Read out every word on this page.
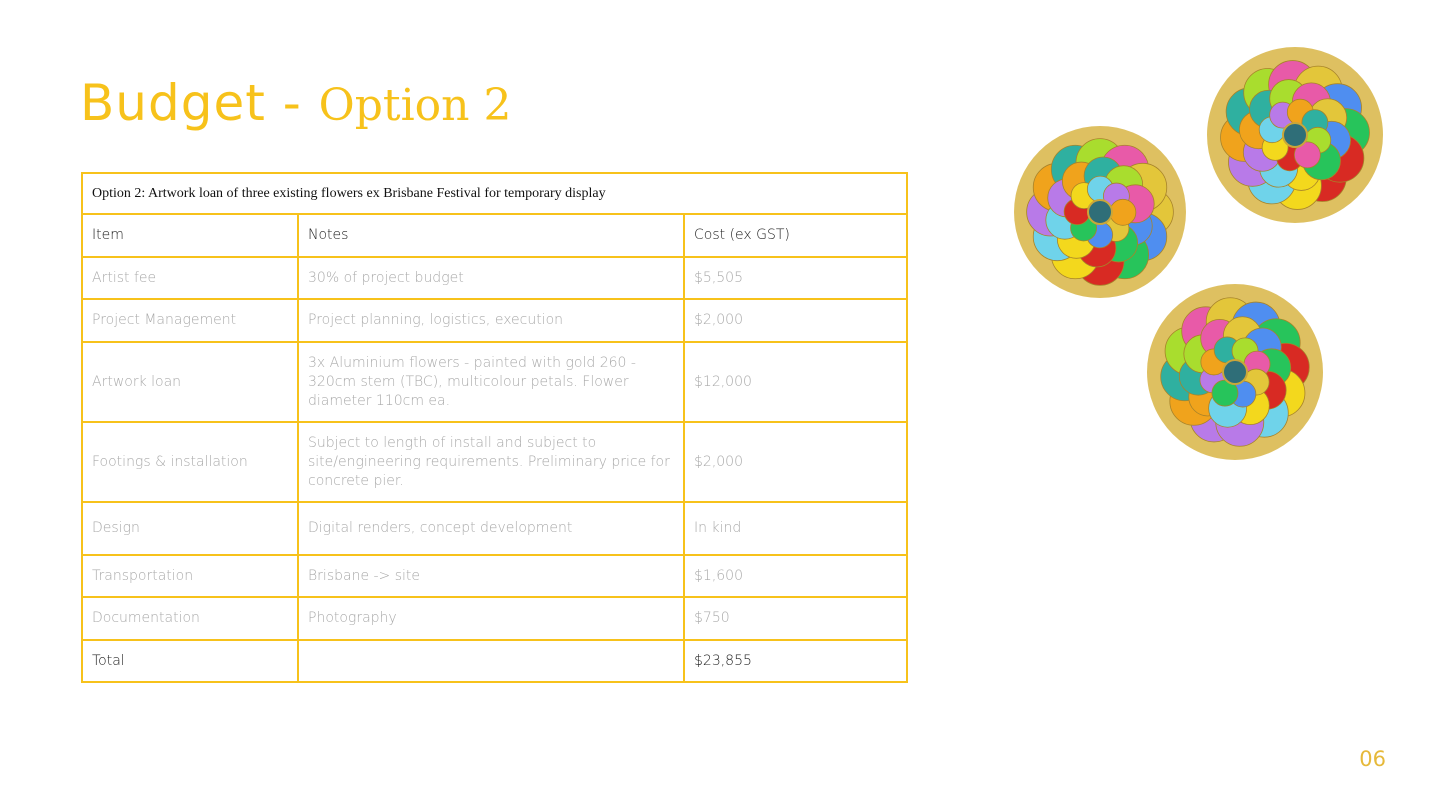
Budget - Option 2
Option 2: Artwork loan of three existing flowers ex Brisbane Festival for temporary display		
Item	Notes	Cost (ex GST)
Artist fee	30% of project budget	$5,505
Project Management	Project planning, logistics, execution	$2,000
Artwork loan	3x Aluminium flowers - painted with gold 260 - 320cm stem (TBC), multicolour petals. Flower diameter 110cm ea.	$12,000
Footings & installation	Subject to length of install and subject to site/engineering requirements. Preliminary price for concrete pier.	$2,000
Design	Digital renders, concept development	In kind
Transportation	Brisbane -> site	$1,600
Documentation	Photography	$750
Total		$23,855
06
